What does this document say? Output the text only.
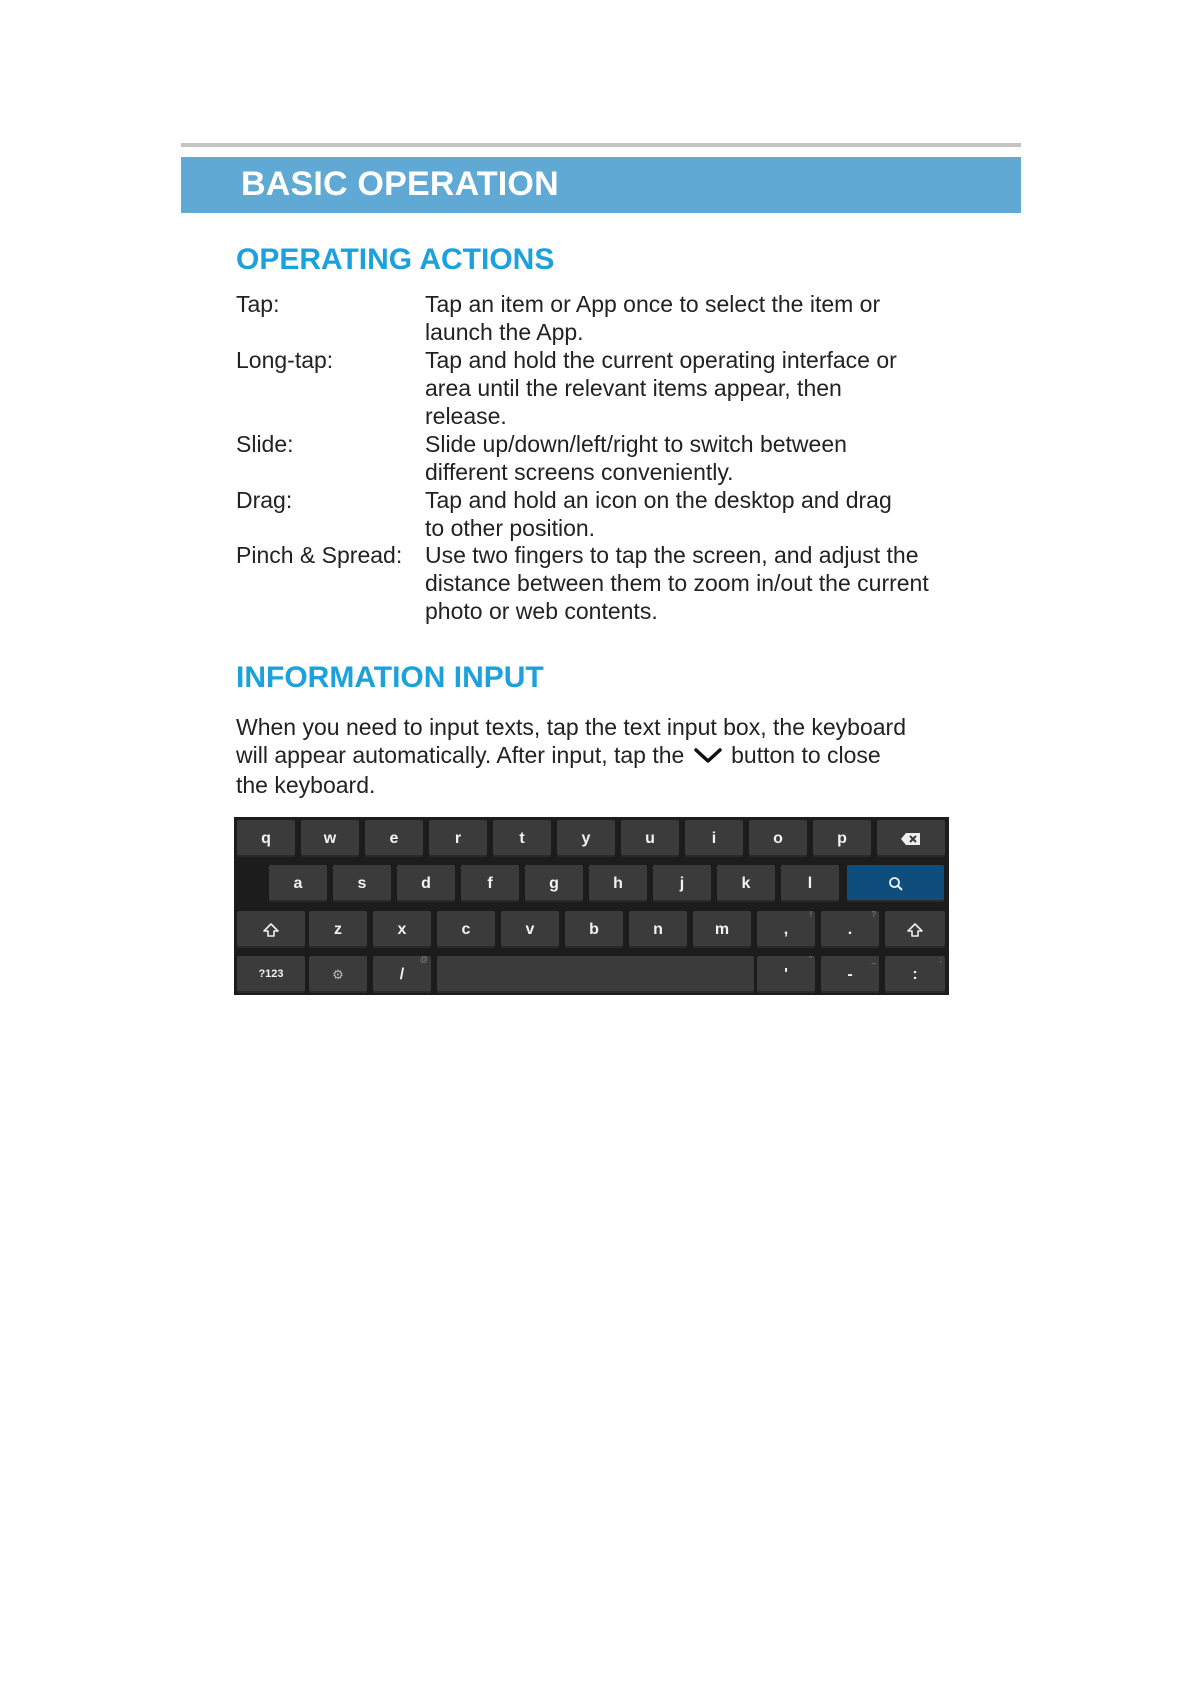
BASIC OPERATION
OPERATING ACTIONS
Tap:	Tap an item or App once to select the item or
launch the App.
Long-tap:	Tap and hold the current operating interface or
area until the relevant items appear, then
release.
Slide:	Slide up/down/left/right to switch between
different screens conveniently.
Drag:	Tap and hold an icon on the desktop and drag
to other position.
Pinch & Spread: Use two fingers to tap the screen, and adjust the
distance between them to zoom in/out the current
photo or web contents.
INFORMATION INPUT
When you need to input texts, tap the text input box, the keyboard
will appear automatically. After input, tap the button to close
the keyboard.
q	w	e	r	t	y	u	i	o	p
a	s	d	f	g	h	j	k	l
z	x	c	v	b	n	m	,
!
.
?
?123	⚙	/
@
'
"
-
_
:
;
